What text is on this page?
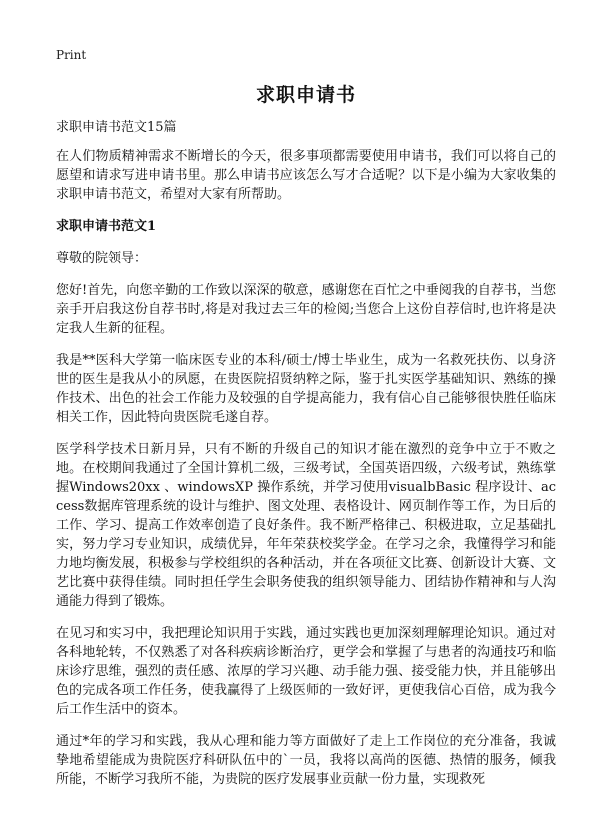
Print
求职申请书

求职申请书范文15篇

在人们物质精神需求不断增长的今天，很多事项都需要使用申请书，我们可以将自己的愿望和请求写进申请书里。那么申请书应该怎么写才合适呢？以下是小编为大家收集的求职申请书范文，希望对大家有所帮助。

求职申请书范文1

尊敬的院领导：

您好!首先，向您辛勤的工作致以深深的敬意，感谢您在百忙之中垂阅我的自荐书，当您亲手开启我这份自荐书时,将是对我过去三年的检阅;当您合上这份自荐信时,也许将是决定我人生新的征程。

我是**医科大学第一临床医专业的本科/硕士/博士毕业生，成为一名救死扶伤、以身济世的医生是我从小的夙愿，在贵医院招贤纳粹之际，鉴于扎实医学基础知识、熟练的操作技术、出色的社会工作能力及较强的自学提高能力，我有信心自己能够很快胜任临床相关工作，因此特向贵医院毛遂自荐。

医学科学技术日新月异，只有不断的升级自己的知识才能在激烈的竞争中立于不败之地。在校期间我通过了全国计算机二级，三级考试，全国英语四级，六级考试，熟练掌握Windows20xx 、windowsXP 操作系统，并学习使用visualbBasic 程序设计、access数据库管理系统的设计与维护、图文处理、表格设计、网页制作等工作，为日后的工作、学习、提高工作效率创造了良好条件。我不断严格律己、积极进取，立足基础扎实，努力学习专业知识，成绩优异，年年荣获校奖学金。在学习之余，我懂得学习和能力地均衡发展，积极参与学校组织的各种活动，并在各项征文比赛、创新设计大赛、文艺比赛中获得佳绩。同时担任学生会职务使我的组织领导能力、团结协作精神和与人沟通能力得到了锻炼。

在见习和实习中，我把理论知识用于实践，通过实践也更加深刻理解理论知识。通过对各科地轮转，不仅熟悉了对各科疾病诊断治疗，更学会和掌握了与患者的沟通技巧和临床诊疗思维，强烈的责任感、浓厚的学习兴趣、动手能力强、接受能力快，并且能够出色的完成各项工作任务，使我赢得了上级医师的一致好评，更使我信心百倍，成为我今后工作生活中的资本。

通过*年的学习和实践，我从心理和能力等方面做好了走上工作岗位的充分准备，我诚挚地希望能成为贵院医疗科研队伍中的`一员，我将以高尚的医德、热情的服务，倾我所能，不断学习我所不能，为贵院的医疗发展事业贡献一份力量，实现救死
